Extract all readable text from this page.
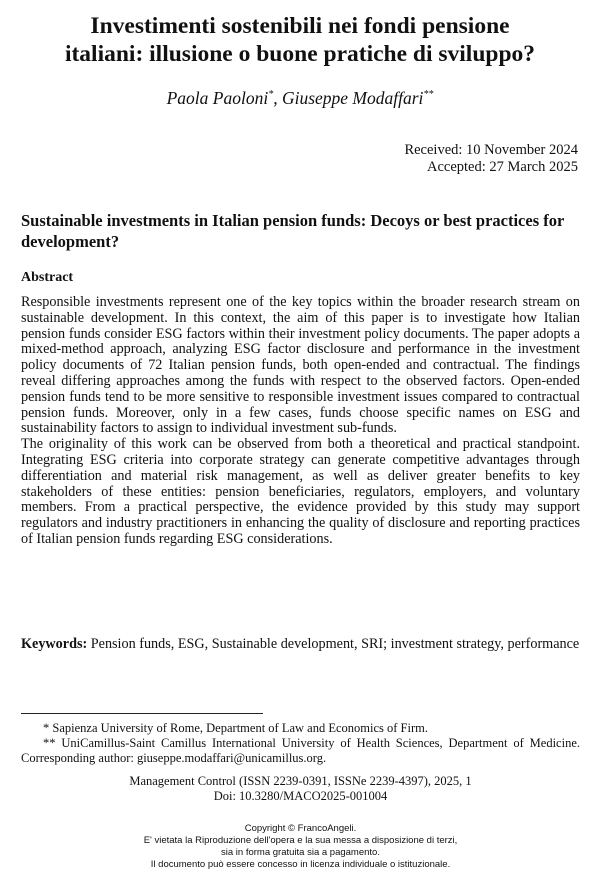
Investimenti sostenibili nei fondi pensione
italiani: illusione o buone pratiche di sviluppo?
Paola Paoloni*, Giuseppe Modaffari**
Received: 10 November 2024
Accepted: 27 March 2025
Sustainable investments in Italian pension funds: Decoys or best practices for development?
Abstract

Responsible investments represent one of the key topics within the broader research stream on sustainable development. In this context, the aim of this paper is to investigate how Italian pension funds consider ESG factors within their investment policy documents. The paper adopts a mixed-method approach, analyzing ESG factor disclosure and performance in the investment policy documents of 72 Italian pension funds, both open-ended and contractual. The findings reveal differing approaches among the funds with respect to the observed factors. Open-ended pension funds tend to be more sensitive to responsible investment issues compared to contractual pension funds. Moreover, only in a few cases, funds choose specific names on ESG and sustainability factors to assign to individual investment sub-funds.

The originality of this work can be observed from both a theoretical and practical standpoint. Integrating ESG criteria into corporate strategy can generate competitive advantages through differentiation and material risk management, as well as deliver greater benefits to key stakeholders of these entities: pension beneficiaries, regulators, employers, and voluntary members. From a practical perspective, the evidence provided by this study may support regulators and industry practitioners in enhancing the quality of disclosure and reporting practices of Italian pension funds regarding ESG considerations.

Keywords: Pension funds, ESG, Sustainable development, SRI; investment strategy, performance

* Sapienza University of Rome, Department of Law and Economics of Firm.

** UniCamillus-Saint Camillus International University of Health Sciences, Department of Medicine. Corresponding author: giuseppe.modaffari@unicamillus.org.

Management Control (ISSN 2239-0391, ISSNe 2239-4397), 2025, 1
Doi: 10.3280/MACO2025-001004
Copyright © FrancoAngeli.
E' vietata la Riproduzione dell'opera e la sua messa a disposizione di terzi,
sia in forma gratuita sia a pagamento.
Il documento può essere concesso in licenza individuale o istituzionale.
